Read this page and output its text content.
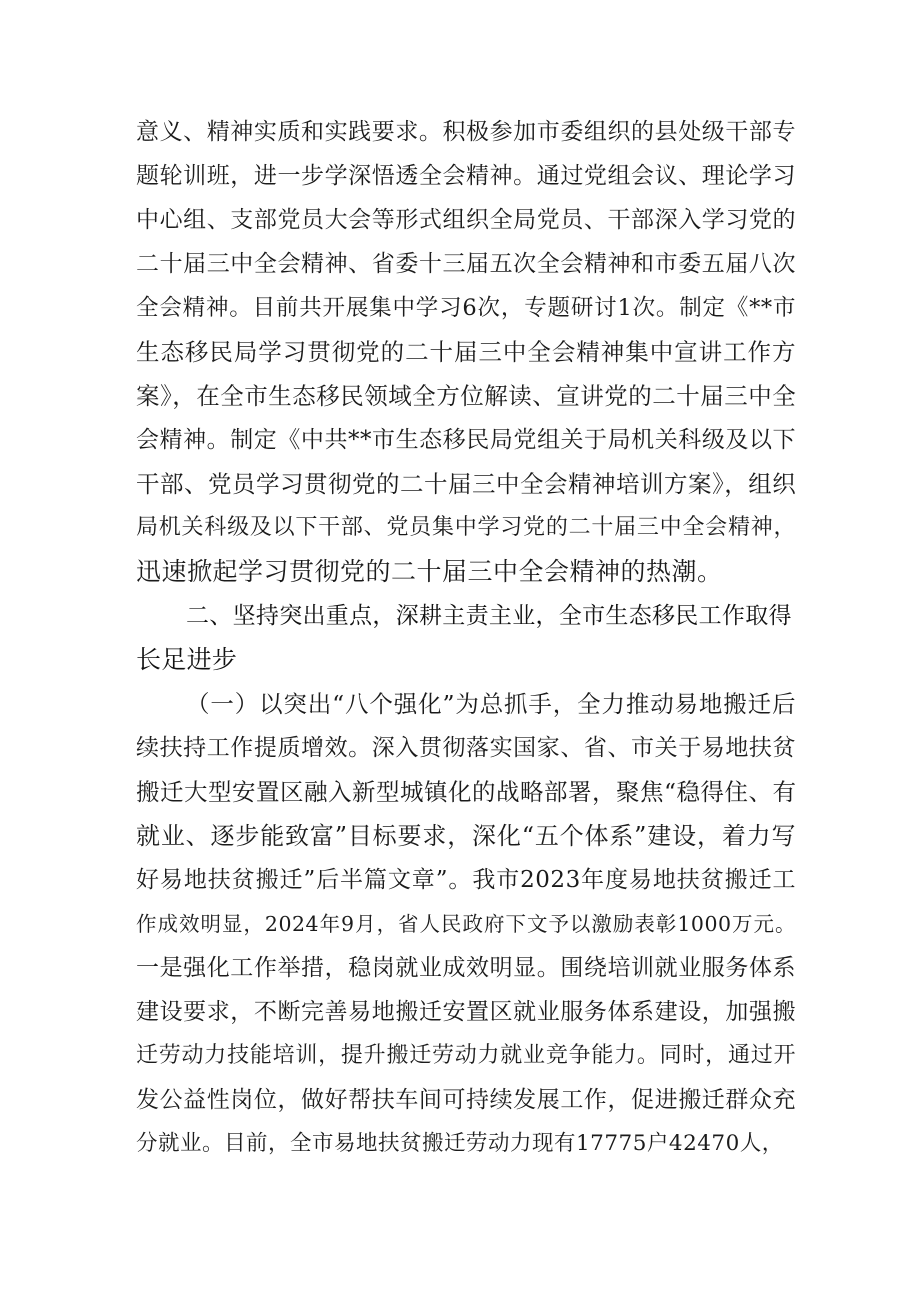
意义、精神实质和实践要求。积极参加市委组织的县处级干部专
题轮训班，进一步学深悟透全会精神。通过党组会议、理论学习
中心组、支部党员大会等形式组织全局党员、干部深入学习党的
二十届三中全会精神、省委十三届五次全会精神和市委五届八次
全会精神。目前共开展集中学习6次，专题研讨1次。制定《**市
生态移民局学习贯彻党的二十届三中全会精神集中宣讲工作方
案》，在全市生态移民领域全方位解读、宣讲党的二十届三中全
会精神。制定《中共**市生态移民局党组关于局机关科级及以下
干部、党员学习贯彻党的二十届三中全会精神培训方案》，组织
局机关科级及以下干部、党员集中学习党的二十届三中全会精神，
迅速掀起学习贯彻党的二十届三中全会精神的热潮。
二、坚持突出重点，深耕主责主业，全市生态移民工作取得
长足进步
（一）以突出“八个强化”为总抓手，全力推动易地搬迁后
续扶持工作提质增效。深入贯彻落实国家、省、市关于易地扶贫
搬迁大型安置区融入新型城镇化的战略部署，聚焦“稳得住、有
就业、逐步能致富”目标要求，深化“五个体系”建设，着力写
好易地扶贫搬迁”后半篇文章”。我市2023年度易地扶贫搬迁工
作成效明显，2024年9月，省人民政府下文予以激励表彰1000万元。
一是强化工作举措，稳岗就业成效明显。围绕培训就业服务体系
建设要求，不断完善易地搬迁安置区就业服务体系建设，加强搬
迁劳动力技能培训，提升搬迁劳动力就业竞争能力。同时，通过开
发公益性岗位，做好帮扶车间可持续发展工作，促进搬迁群众充
分就业。目前，全市易地扶贫搬迁劳动力现有17775户42470人，
